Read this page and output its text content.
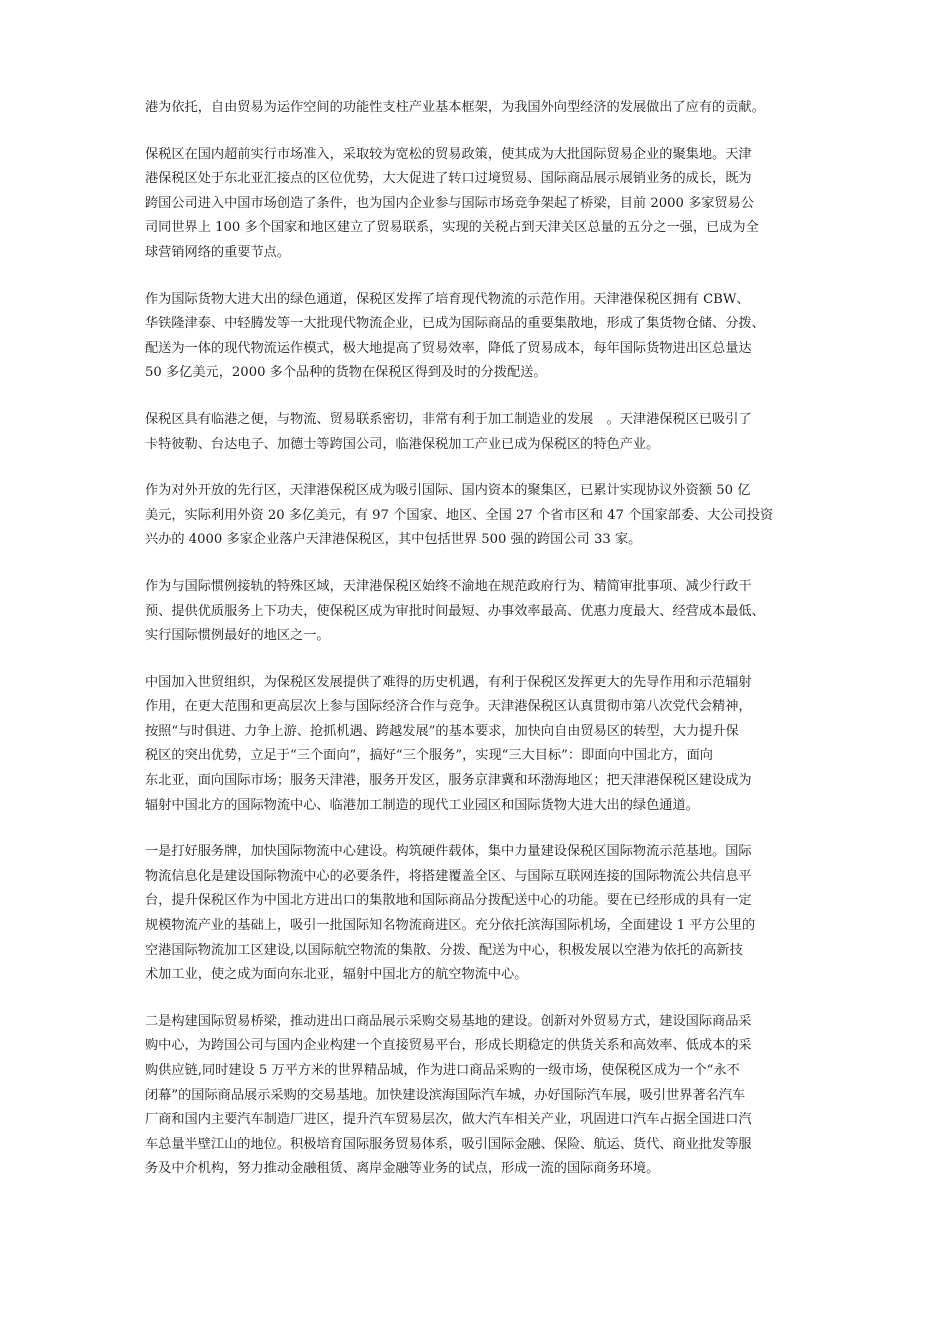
港为依托，自由贸易为运作空间的功能性支柱产业基本框架，为我国外向型经济的发展做出了应有的贡献。

保税区在国内超前实行市场准入，采取较为宽松的贸易政策，使其成为大批国际贸易企业的聚集地。天津
港保税区处于东北亚汇接点的区位优势，大大促进了转口过境贸易、国际商品展示展销业务的成长，既为
跨国公司进入中国市场创造了条件，也为国内企业参与国际市场竞争架起了桥梁，目前 2000 多家贸易公
司同世界上 100 多个国家和地区建立了贸易联系，实现的关税占到天津关区总量的五分之一强，已成为全
球营销网络的重要节点。

作为国际货物大进大出的绿色通道，保税区发挥了培育现代物流的示范作用。天津港保税区拥有 CBW、
华铁隆津泰、中轻腾发等一大批现代物流企业，已成为国际商品的重要集散地，形成了集货物仓储、分拨、
配送为一体的现代物流运作模式，极大地提高了贸易效率，降低了贸易成本，每年国际货物进出区总量达
50 多亿美元，2000 多个品种的货物在保税区得到及时的分拨配送。

保税区具有临港之便，与物流、贸易联系密切，非常有利于加工制造业的发展　。天津港保税区已吸引了
卡特彼勒、台达电子、加德士等跨国公司，临港保税加工产业已成为保税区的特色产业。

作为对外开放的先行区，天津港保税区成为吸引国际、国内资本的聚集区，已累计实现协议外资额 50 亿
美元，实际利用外资 20 多亿美元，有 97 个国家、地区、全国 27 个省市区和 47 个国家部委、大公司投资
兴办的 4000 多家企业落户天津港保税区，其中包括世界 500 强的跨国公司 33 家。

作为与国际惯例接轨的特殊区域，天津港保税区始终不渝地在规范政府行为、精简审批事项、减少行政干
预、提供优质服务上下功夫，使保税区成为审批时间最短、办事效率最高、优惠力度最大、经营成本最低、
实行国际惯例最好的地区之一。

中国加入世贸组织，为保税区发展提供了难得的历史机遇，有利于保税区发挥更大的先导作用和示范辐射
作用，在更大范围和更高层次上参与国际经济合作与竞争。天津港保税区认真贯彻市第八次党代会精神，
按照“与时俱进、力争上游、抢抓机遇、跨越发展”的基本要求，加快向自由贸易区的转型，大力提升保
税区的突出优势，立足于“三个面向”，搞好“三个服务”，实现“三大目标”：即面向中国北方，面向
东北亚，面向国际市场；服务天津港，服务开发区，服务京津冀和环渤海地区；把天津港保税区建设成为
辐射中国北方的国际物流中心、临港加工制造的现代工业园区和国际货物大进大出的绿色通道。

一是打好服务牌，加快国际物流中心建设。构筑硬件载体，集中力量建设保税区国际物流示范基地。国际
物流信息化是建设国际物流中心的必要条件，将搭建覆盖全区、与国际互联网连接的国际物流公共信息平
台，提升保税区作为中国北方进出口的集散地和国际商品分拨配送中心的功能。要在已经形成的具有一定
规模物流产业的基础上，吸引一批国际知名物流商进区。充分依托滨海国际机场，全面建设 1 平方公里的
空港国际物流加工区建设,以国际航空物流的集散、分拨、配送为中心，积极发展以空港为依托的高新技
术加工业，使之成为面向东北亚，辐射中国北方的航空物流中心。

二是构建国际贸易桥梁，推动进出口商品展示采购交易基地的建设。创新对外贸易方式，建设国际商品采
购中心，为跨国公司与国内企业构建一个直接贸易平台，形成长期稳定的供货关系和高效率、低成本的采
购供应链,同时建设 5 万平方米的世界精品城，作为进口商品采购的一级市场，使保税区成为一个“永不
闭幕”的国际商品展示采购的交易基地。加快建设滨海国际汽车城，办好国际汽车展，吸引世界著名汽车
厂商和国内主要汽车制造厂进区，提升汽车贸易层次，做大汽车相关产业，巩固进口汽车占据全国进口汽
车总量半壁江山的地位。积极培育国际服务贸易体系，吸引国际金融、保险、航运、货代、商业批发等服
务及中介机构，努力推动金融租赁、离岸金融等业务的试点，形成一流的国际商务环境。
